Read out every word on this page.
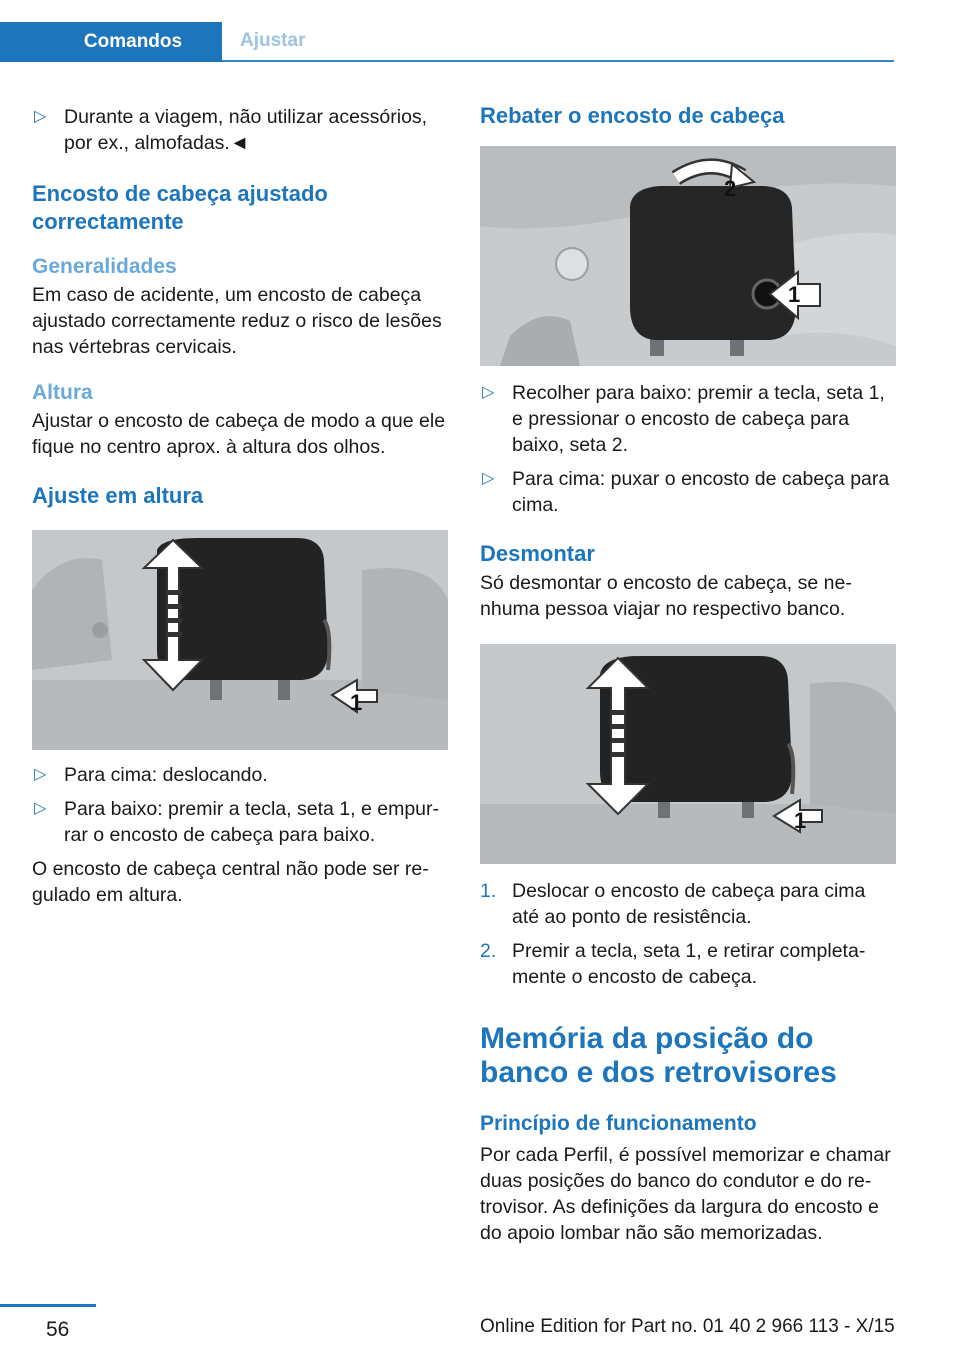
Comandos	Ajustar
▷ Durante a viagem, não utilizar acessórios, por ex., almofadas.◄
Encosto de cabeça ajustado correctamente
Generalidades

Em caso de acidente, um encosto de cabeça ajustado correctamente reduz o risco de lesões nas vértebras cervicais.

Altura

Ajustar o encosto de cabeça de modo a que ele fique no centro aprox. à altura dos olhos.

Ajuste em altura
1
▷ Para cima: deslocando.
▷ Para baixo: premir a tecla, seta 1, e empurrar o encosto de cabeça para baixo.

O encosto de cabeça central não pode ser regulado em altura.

Rebater o encosto de cabeça
2
1
▷ Recolher para baixo: premir a tecla, seta 1, e pressionar o encosto de cabeça para baixo, seta 2.
▷ Para cima: puxar o encosto de cabeça para cima.
Desmontar

Só desmontar o encosto de cabeça, se nenhuma pessoa viajar no respectivo banco.

1
1. Deslocar o encosto de cabeça para cima até ao ponto de resistência.
2. Premir a tecla, seta 1, e retirar completamente o encosto de cabeça.
Memória da posição do banco e dos retrovisores
Princípio de funcionamento

Por cada Perfil, é possível memorizar e chamar duas posições do banco do condutor e do retrovisor. As definições da largura do encosto e do apoio lombar não são memorizadas.

56	Online Edition for Part no. 01 40 2 966 113 - X/15
